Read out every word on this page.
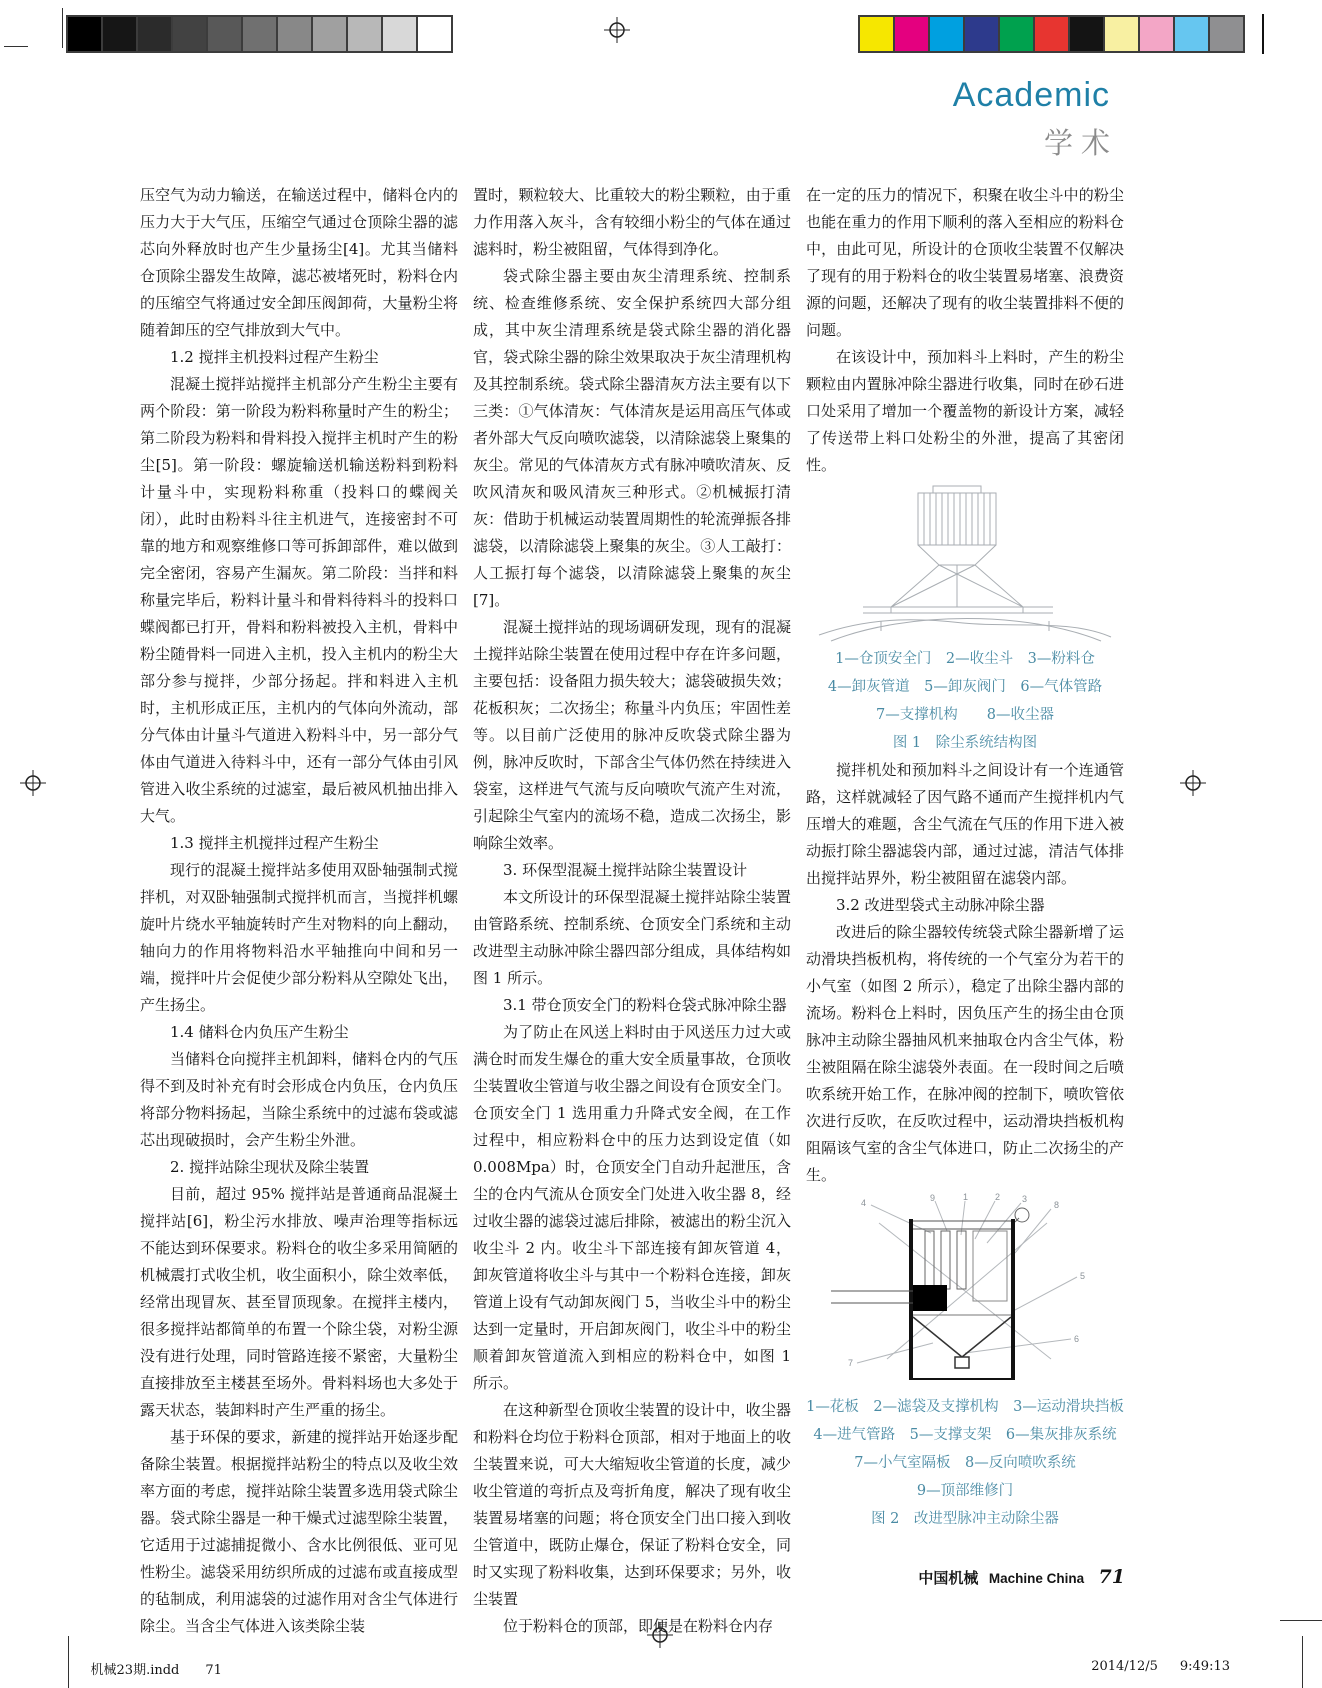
Academic
学术

压空气为动力输送，在输送过程中，储料仓内的压力大于大气压，压缩空气通过仓顶除尘器的滤芯向外释放时也产生少量扬尘[4]。尤其当储料仓顶除尘器发生故障，滤芯被堵死时，粉料仓内的压缩空气将通过安全卸压阀卸荷，大量粉尘将随着卸压的空气排放到大气中。

1.2 搅拌主机投料过程产生粉尘

混凝土搅拌站搅拌主机部分产生粉尘主要有两个阶段：第一阶段为粉料称量时产生的粉尘；第二阶段为粉料和骨料投入搅拌主机时产生的粉尘[5]。第一阶段：螺旋输送机输送粉料到粉料计量斗中，实现粉料称重（投料口的蝶阀关闭），此时由粉料斗往主机进气，连接密封不可靠的地方和观察维修口等可拆卸部件，难以做到完全密闭，容易产生漏灰。第二阶段：当拌和料称量完毕后，粉料计量斗和骨料待料斗的投料口蝶阀都已打开，骨料和粉料被投入主机，骨料中粉尘随骨料一同进入主机，投入主机内的粉尘大部分参与搅拌，少部分扬起。拌和料进入主机时，主机形成正压，主机内的气体向外流动，部分气体由计量斗气道进入粉料斗中，另一部分气体由气道进入待料斗中，还有一部分气体由引风管进入收尘系统的过滤室，最后被风机抽出排入大气。

1.3 搅拌主机搅拌过程产生粉尘

现行的混凝土搅拌站多使用双卧轴强制式搅拌机，对双卧轴强制式搅拌机而言，当搅拌机螺旋叶片绕水平轴旋转时产生对物料的向上翻动，轴向力的作用将物料沿水平轴推向中间和另一端，搅拌叶片会促使少部分粉料从空隙处飞出，产生扬尘。

1.4 储料仓内负压产生粉尘

当储料仓向搅拌主机卸料，储料仓内的气压得不到及时补充有时会形成仓内负压，仓内负压将部分物料扬起，当除尘系统中的过滤布袋或滤芯出现破损时，会产生粉尘外泄。

2. 搅拌站除尘现状及除尘装置

目前，超过 95% 搅拌站是普通商品混凝土搅拌站[6]，粉尘污水排放、噪声治理等指标远不能达到环保要求。粉料仓的收尘多采用简陋的机械震打式收尘机，收尘面积小，除尘效率低，经常出现冒灰、甚至冒顶现象。在搅拌主楼内，很多搅拌站都简单的布置一个除尘袋，对粉尘源没有进行处理，同时管路连接不紧密，大量粉尘直接排放至主楼甚至场外。骨料料场也大多处于露天状态，装卸料时产生严重的扬尘。

基于环保的要求，新建的搅拌站开始逐步配备除尘装置。根据搅拌站粉尘的特点以及收尘效率方面的考虑，搅拌站除尘装置多选用袋式除尘器。袋式除尘器是一种干燥式过滤型除尘装置，它适用于过滤捕捉微小、含水比例很低、亚可见性粉尘。滤袋采用纺织所成的过滤布或直接成型的毡制成，利用滤袋的过滤作用对含尘气体进行除尘。当含尘气体进入该类除尘装

置时，颗粒较大、比重较大的粉尘颗粒，由于重力作用落入灰斗，含有较细小粉尘的气体在通过滤料时，粉尘被阻留，气体得到净化。

袋式除尘器主要由灰尘清理系统、控制系统、检查维修系统、安全保护系统四大部分组成，其中灰尘清理系统是袋式除尘器的消化器官，袋式除尘器的除尘效果取决于灰尘清理机构及其控制系统。袋式除尘器清灰方法主要有以下三类：①气体清灰：气体清灰是运用高压气体或者外部大气反向喷吹滤袋，以清除滤袋上聚集的灰尘。常见的气体清灰方式有脉冲喷吹清灰、反吹风清灰和吸风清灰三种形式。②机械振打清灰：借助于机械运动装置周期性的轮流弹振各排滤袋，以清除滤袋上聚集的灰尘。③人工敲打：人工振打每个滤袋，以清除滤袋上聚集的灰尘[7]。

混凝土搅拌站的现场调研发现，现有的混凝土搅拌站除尘装置在使用过程中存在许多问题，主要包括：设备阻力损失较大；滤袋破损失效；花板积灰；二次扬尘；称量斗内负压；牢固性差等。以目前广泛使用的脉冲反吹袋式除尘器为例，脉冲反吹时，下部含尘气体仍然在持续进入袋室，这样进气气流与反向喷吹气流产生对流，引起除尘气室内的流场不稳，造成二次扬尘，影响除尘效率。

3. 环保型混凝土搅拌站除尘装置设计

本文所设计的环保型混凝土搅拌站除尘装置由管路系统、控制系统、仓顶安全门系统和主动改进型主动脉冲除尘器四部分组成，具体结构如图 1 所示。

3.1 带仓顶安全门的粉料仓袋式脉冲除尘器

为了防止在风送上料时由于风送压力过大或满仓时而发生爆仓的重大安全质量事故，仓顶收尘装置收尘管道与收尘器之间设有仓顶安全门。仓顶安全门 1 选用重力升降式安全阀，在工作过程中，相应粉料仓中的压力达到设定值（如 0.008Mpa）时，仓顶安全门自动升起泄压，含尘的仓内气流从仓顶安全门处进入收尘器 8，经过收尘器的滤袋过滤后排除，被滤出的粉尘沉入收尘斗 2 内。收尘斗下部连接有卸灰管道 4，卸灰管道将收尘斗与其中一个粉料仓连接，卸灰管道上设有气动卸灰阀门 5，当收尘斗中的粉尘达到一定量时，开启卸灰阀门，收尘斗中的粉尘顺着卸灰管道流入到相应的粉料仓中，如图 1 所示。

在这种新型仓顶收尘装置的设计中，收尘器和粉料仓均位于粉料仓顶部，相对于地面上的收尘装置来说，可大大缩短收尘管道的长度，减少收尘管道的弯折点及弯折角度，解决了现有收尘装置易堵塞的问题；将仓顶安全门出口接入到收尘管道中，既防止爆仓，保证了粉料仓安全，同时又实现了粉料收集，达到环保要求；另外，收尘装置

位于粉料仓的顶部，即便是在粉料仓内存

在一定的压力的情况下，积聚在收尘斗中的粉尘也能在重力的作用下顺利的落入至相应的粉料仓中，由此可见，所设计的仓顶收尘装置不仅解决了现有的用于粉料仓的收尘装置易堵塞、浪费资源的问题，还解决了现有的收尘装置排料不便的问题。

在该设计中，预加料斗上料时，产生的粉尘颗粒由内置脉冲除尘器进行收集，同时在砂石进口处采用了增加一个覆盖物的新设计方案，减轻了传送带上料口处粉尘的外泄，提高了其密闭性。

1—仓顶安全门　2—收尘斗　3—粉料仓
4—卸灰管道　5—卸灰阀门　6—气体管路
7—支撑机构　　8—收尘器
图 1　除尘系统结构图

搅拌机处和预加料斗之间设计有一个连通管路，这样就减轻了因气路不通而产生搅拌机内气压增大的难题，含尘气流在气压的作用下进入被动振打除尘器滤袋内部，通过过滤，清洁气体排出搅拌站界外，粉尘被阻留在滤袋内部。

3.2 改进型袋式主动脉冲除尘器

改进后的除尘器较传统袋式除尘器新增了运动滑块挡板机构，将传统的一个气室分为若干的小气室（如图 2 所示），稳定了出除尘器内部的流场。粉料仓上料时，因负压产生的扬尘由仓顶脉冲主动除尘器抽风机来抽取仓内含尘气体，粉尘被阻隔在除尘滤袋外表面。在一段时间之后喷吹系统开始工作，在脉冲阀的控制下，喷吹管依次进行反吹，在反吹过程中，运动滑块挡板机构阻隔该气室的含尘气体进口，防止二次扬尘的产生。

4	9	1	2 3
8
5
6
7
1—花板　2—滤袋及支撑机构　3—运动滑块挡板
4—进气管路　5—支撑支架　6—集灰排灰系统
7—小气室隔板　8—反向喷吹系统
9—顶部维修门
图 2　改进型脉冲主动除尘器
中国机械 Machine China 71

机械23期.indd 71
	2014/12/5 9:49:13
